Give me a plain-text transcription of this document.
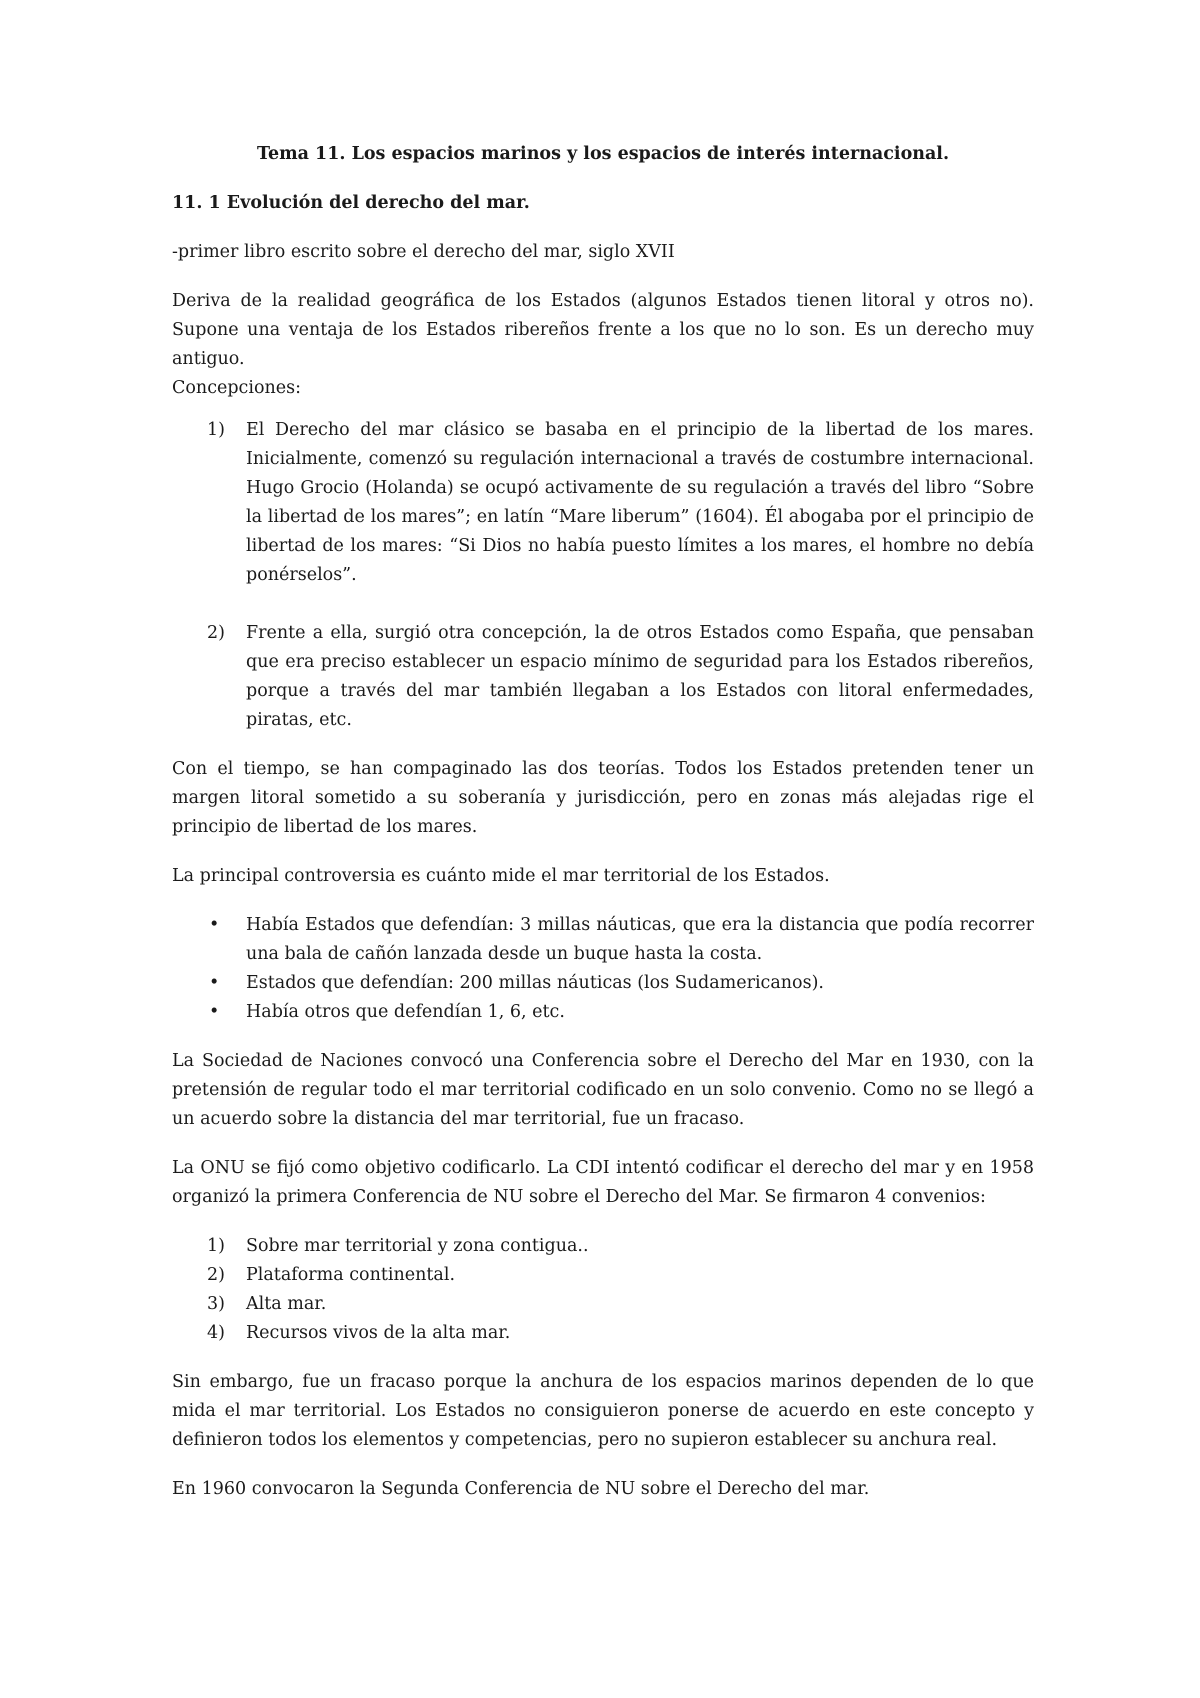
Tema 11. Los espacios marinos y los espacios de interés internacional.
11. 1 Evolución del derecho del mar.

-primer libro escrito sobre el derecho del mar, siglo XVII

Deriva de la realidad geográfica de los Estados (algunos Estados tienen litoral y otros no). Supone una ventaja de los Estados ribereños frente a los que no lo son. Es un derecho muy antiguo.

Concepciones:

1) El Derecho del mar clásico se basaba en el principio de la libertad de los mares. Inicialmente, comenzó su regulación internacional a través de costumbre internacional. Hugo Grocio (Holanda) se ocupó activamente de su regulación a través del libro “Sobre la libertad de los mares”; en latín “Mare liberum” (1604). Él abogaba por el principio de libertad de los mares: “Si Dios no había puesto límites a los mares, el hombre no debía ponérselos”.
2) Frente a ella, surgió otra concepción, la de otros Estados como España, que pensaban que era preciso establecer un espacio mínimo de seguridad para los Estados ribereños, porque a través del mar también llegaban a los Estados con litoral enfermedades, piratas, etc.

Con el tiempo, se han compaginado las dos teorías. Todos los Estados pretenden tener un margen litoral sometido a su soberanía y jurisdicción, pero en zonas más alejadas rige el principio de libertad de los mares.

La principal controversia es cuánto mide el mar territorial de los Estados.

• Había Estados que defendían: 3 millas náuticas, que era la distancia que podía recorrer una bala de cañón lanzada desde un buque hasta la costa.
• Estados que defendían: 200 millas náuticas (los Sudamericanos).
• Había otros que defendían 1, 6, etc.

La Sociedad de Naciones convocó una Conferencia sobre el Derecho del Mar en 1930, con la pretensión de regular todo el mar territorial codificado en un solo convenio. Como no se llegó a un acuerdo sobre la distancia del mar territorial, fue un fracaso.

La ONU se fijó como objetivo codificarlo. La CDI intentó codificar el derecho del mar y en 1958 organizó la primera Conferencia de NU sobre el Derecho del Mar. Se firmaron 4 convenios:

1) Sobre mar territorial y zona contigua..
2) Plataforma continental.
3) Alta mar.
4) Recursos vivos de la alta mar.

Sin embargo, fue un fracaso porque la anchura de los espacios marinos dependen de lo que mida el mar territorial. Los Estados no consiguieron ponerse de acuerdo en este concepto y definieron todos los elementos y competencias, pero no supieron establecer su anchura real.

En 1960 convocaron la Segunda Conferencia de NU sobre el Derecho del mar.
